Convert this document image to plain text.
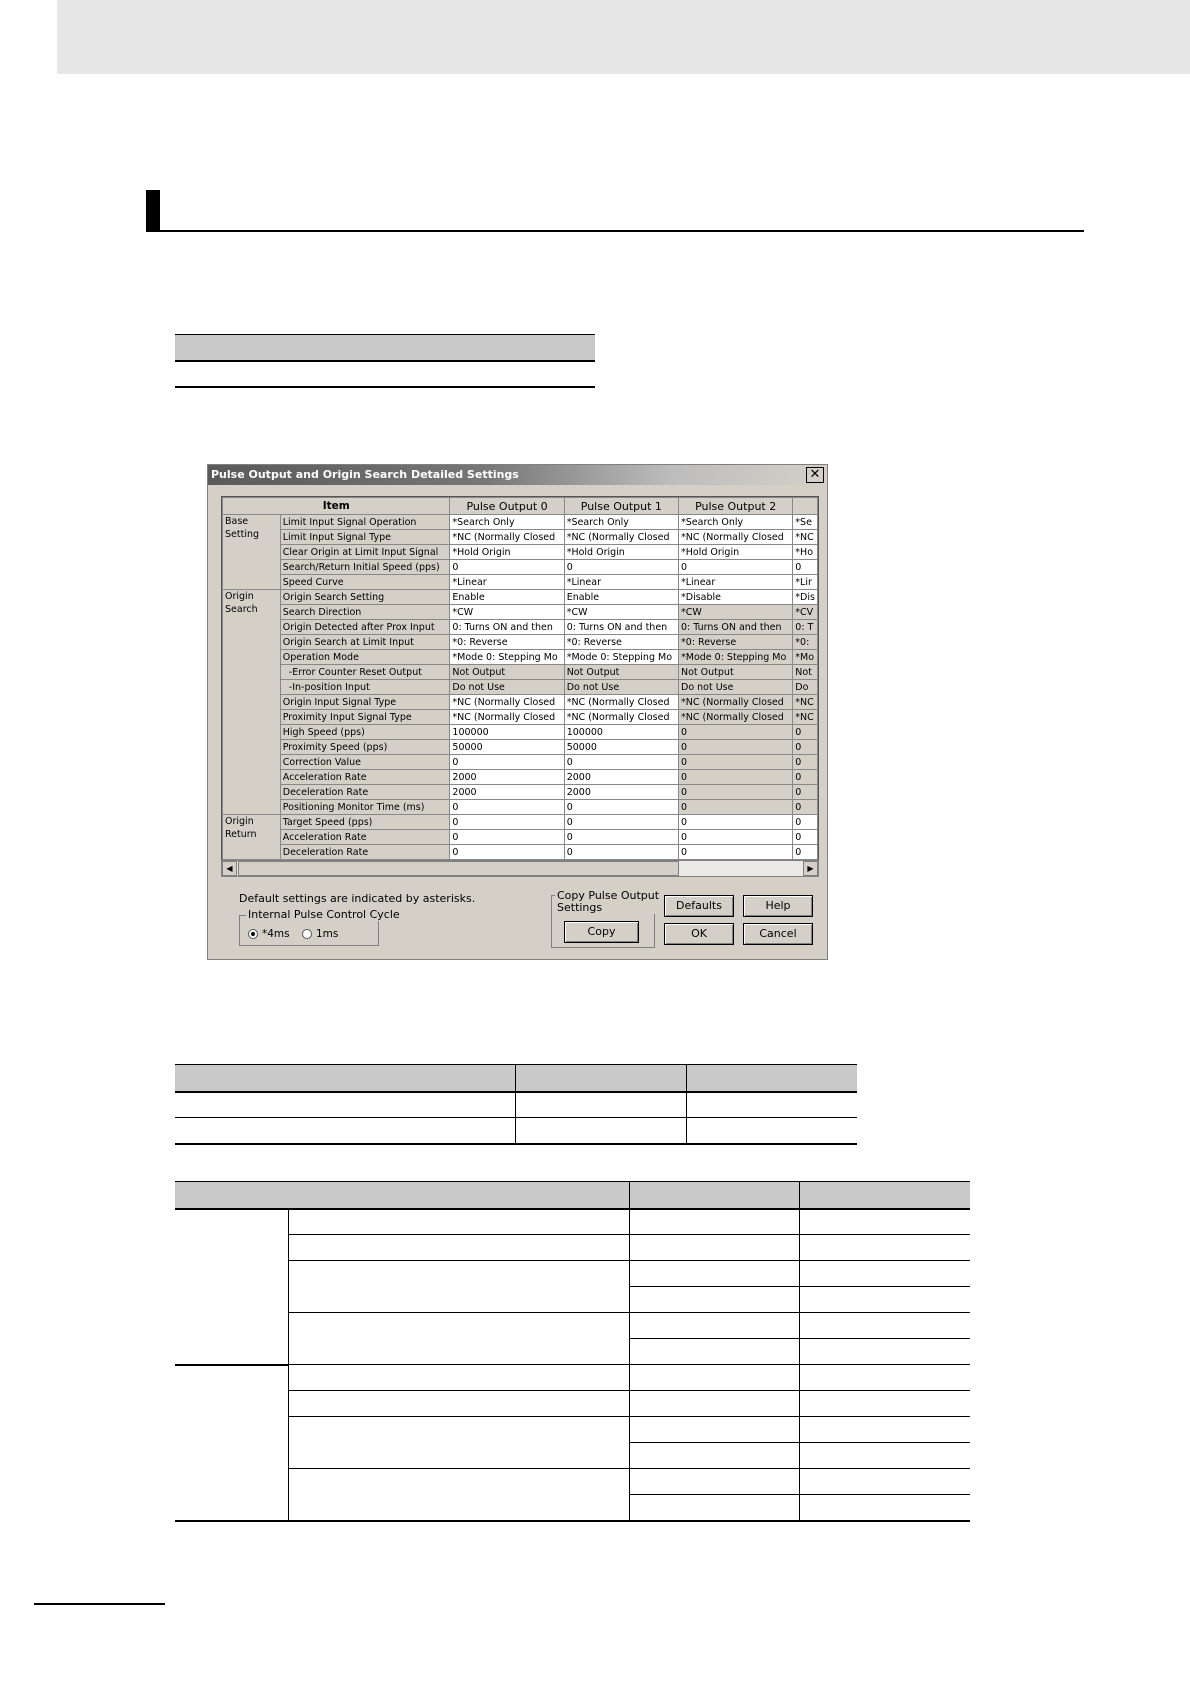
Pulse Output and Origin Search Detailed Settings	✕
Item		Pulse Output 0	Pulse Output 1	Pulse Output 2	
Base
Setting	Limit Input Signal Operation	*Search Only	*Search Only	*Search Only	*Se
	Limit Input Signal Type	*NC (Normally Closed	*NC (Normally Closed	*NC (Normally Closed	*NC
	Clear Origin at Limit Input Signal	*Hold Origin	*Hold Origin	*Hold Origin	*Ho
	Search/Return Initial Speed (pps)	0	0	0	0
	Speed Curve	*Linear	*Linear	*Linear	*Lir
Origin
Search	Origin Search Setting	Enable	Enable	*Disable	*Dis
	Search Direction	*CW	*CW	*CW	*CV
	Origin Detected after Prox Input	0: Turns ON and then	0: Turns ON and then	0: Turns ON and then	0: T
	Origin Search at Limit Input	*0: Reverse	*0: Reverse	*0: Reverse	*0:
	Operation Mode	*Mode 0: Stepping Mo	*Mode 0: Stepping Mo	*Mode 0: Stepping Mo	*Mo
	-Error Counter Reset Output	Not Output	Not Output	Not Output	Not
	-In-position Input	Do not Use	Do not Use	Do not Use	Do
	Origin Input Signal Type	*NC (Normally Closed	*NC (Normally Closed	*NC (Normally Closed	*NC
	Proximity Input Signal Type	*NC (Normally Closed	*NC (Normally Closed	*NC (Normally Closed	*NC
	High Speed (pps)	100000	100000	0	0
	Proximity Speed (pps)	50000	50000	0	0
	Correction Value	0	0	0	0
	Acceleration Rate	2000	2000	0	0
	Deceleration Rate	2000	2000	0	0
	Positioning Monitor Time (ms)	0	0	0	0
Origin
Return	Target Speed (pps)	0	0	0	0
	Acceleration Rate	0	0	0	0
	Deceleration Rate	0	0	0	0
◀	▶
Default settings are indicated by asterisks.
Internal Pulse Control Cycle
*4ms	1ms
Copy Pulse Output
Settings
Copy
Defaults	Help
OK	Cancel
